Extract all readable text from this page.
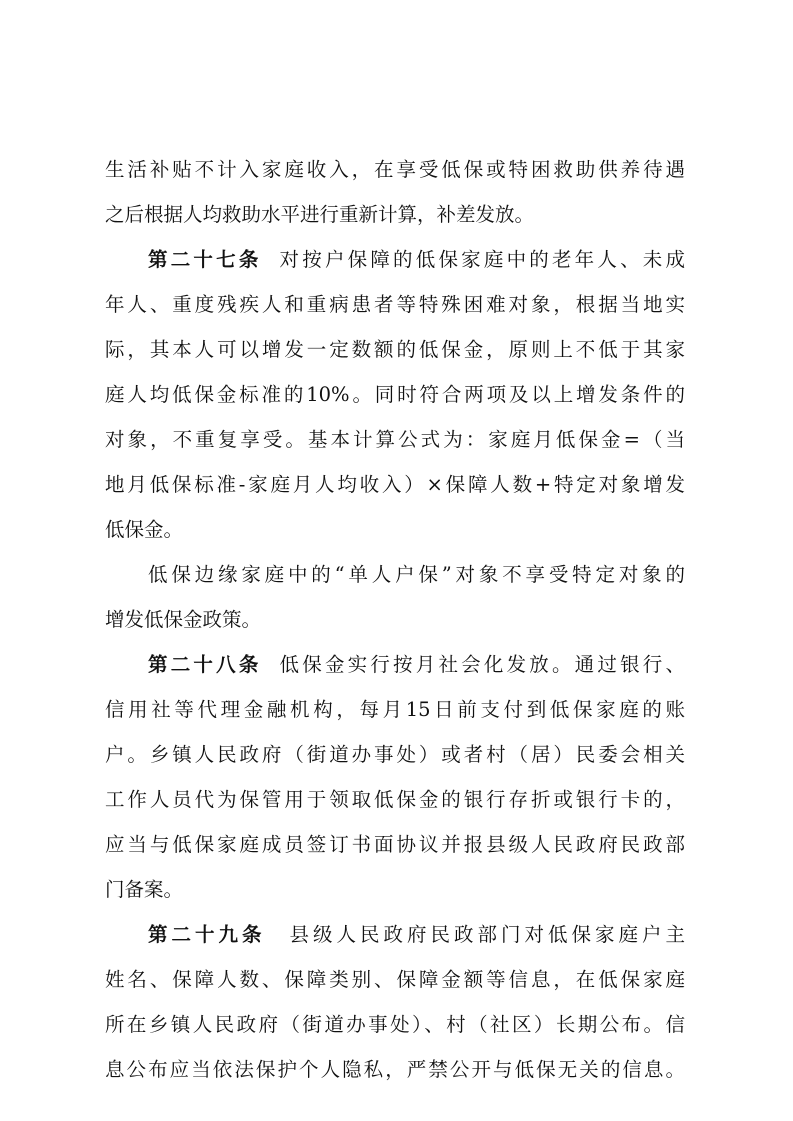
生活补贴不计入家庭收入，在享受低保或特困救助供养待遇
之后根据人均救助水平进行重新计算，补差发放。
第二十七条 对按户保障的低保家庭中的老年人、未成
年人、重度残疾人和重病患者等特殊困难对象，根据当地实
际，其本人可以增发一定数额的低保金，原则上不低于其家
庭人均低保金标准的10%。同时符合两项及以上增发条件的
对象，不重复享受。基本计算公式为：家庭月低保金=（当
地月低保标准-家庭月人均收入）×保障人数+特定对象增发
低保金。
低保边缘家庭中的“单人户保”对象不享受特定对象的
增发低保金政策。
第二十八条 低保金实行按月社会化发放。通过银行、
信用社等代理金融机构，每月15日前支付到低保家庭的账
户。乡镇人民政府（街道办事处）或者村（居）民委会相关
工作人员代为保管用于领取低保金的银行存折或银行卡的，
应当与低保家庭成员签订书面协议并报县级人民政府民政部
门备案。
第二十九条 县级人民政府民政部门对低保家庭户主
姓名、保障人数、保障类别、保障金额等信息，在低保家庭
所在乡镇人民政府（街道办事处）、村（社区）长期公布。信
息公布应当依法保护个人隐私，严禁公开与低保无关的信息。
